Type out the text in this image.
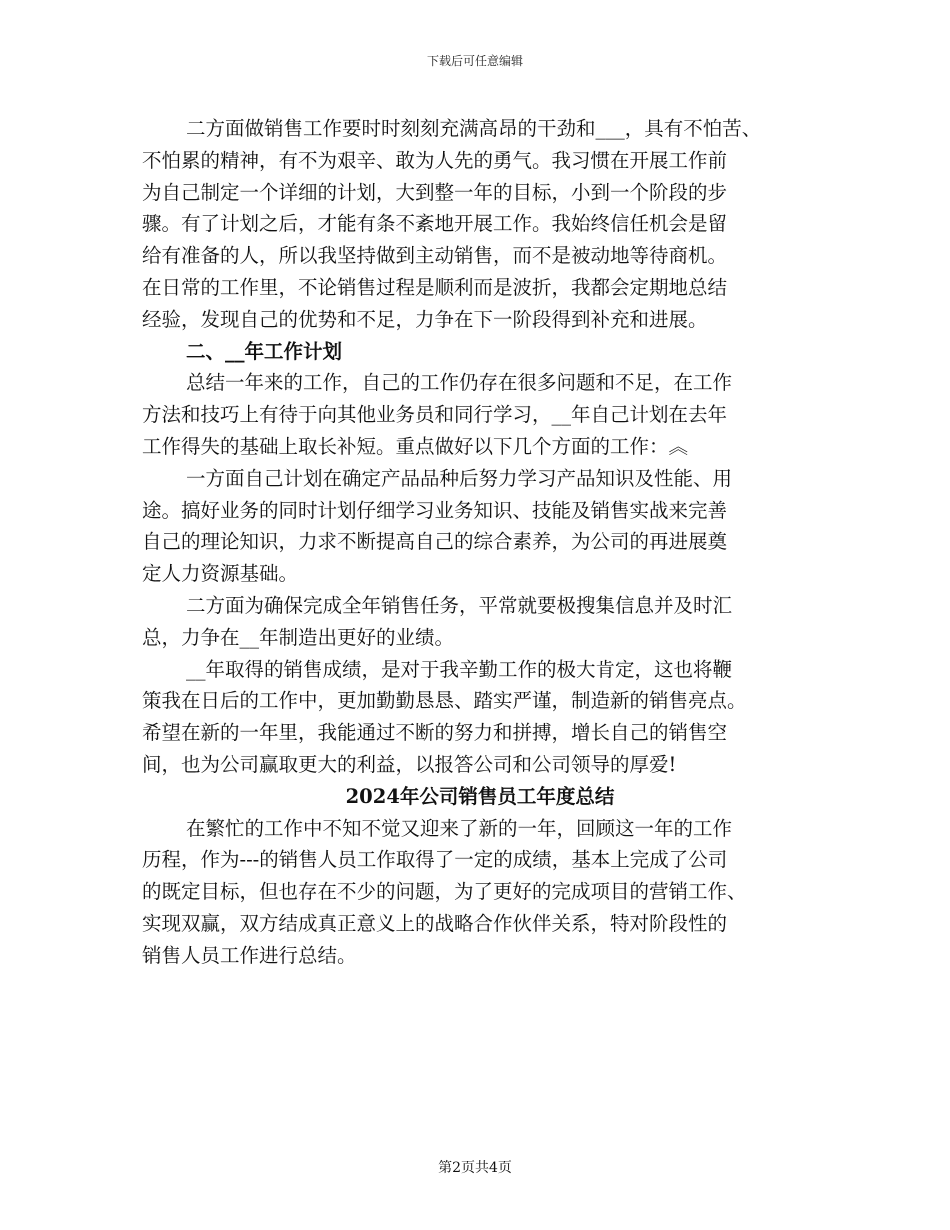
下载后可任意编辑

二方面做销售工作要时时刻刻充满高昂的干劲和___，具有不怕苦、
不怕累的精神，有不为艰辛、敢为人先的勇气。我习惯在开展工作前
为自己制定一个详细的计划，大到整一年的目标，小到一个阶段的步
骤。有了计划之后，才能有条不紊地开展工作。我始终信任机会是留
给有准备的人，所以我坚持做到主动销售，而不是被动地等待商机。
在日常的工作里，不论销售过程是顺利而是波折，我都会定期地总结
经验，发现自己的优势和不足，力争在下一阶段得到补充和进展。

二、__年工作计划

总结一年来的工作，自己的工作仍存在很多问题和不足，在工作
方法和技巧上有待于向其他业务员和同行学习，__年自己计划在去年
工作得失的基础上取长补短。重点做好以下几个方面的工作：︽

一方面自己计划在确定产品品种后努力学习产品知识及性能、用
途。搞好业务的同时计划仔细学习业务知识、技能及销售实战来完善
自己的理论知识，力求不断提高自己的综合素养，为公司的再进展奠
定人力资源基础。

二方面为确保完成全年销售任务，平常就要极搜集信息并及时汇
总，力争在__年制造出更好的业绩。

__年取得的销售成绩，是对于我辛勤工作的极大肯定，这也将鞭
策我在日后的工作中，更加勤勤恳恳、踏实严谨，制造新的销售亮点。
希望在新的一年里，我能通过不断的努力和拼搏，增长自己的销售空
间，也为公司赢取更大的利益，以报答公司和公司领导的厚爱!

2024年公司销售员工年度总结

在繁忙的工作中不知不觉又迎来了新的一年，回顾这一年的工作
历程，作为---的销售人员工作取得了一定的成绩，基本上完成了公司
的既定目标，但也存在不少的问题，为了更好的完成项目的营销工作、
实现双赢，双方结成真正意义上的战略合作伙伴关系，特对阶段性的
销售人员工作进行总结。

第2页共4页
